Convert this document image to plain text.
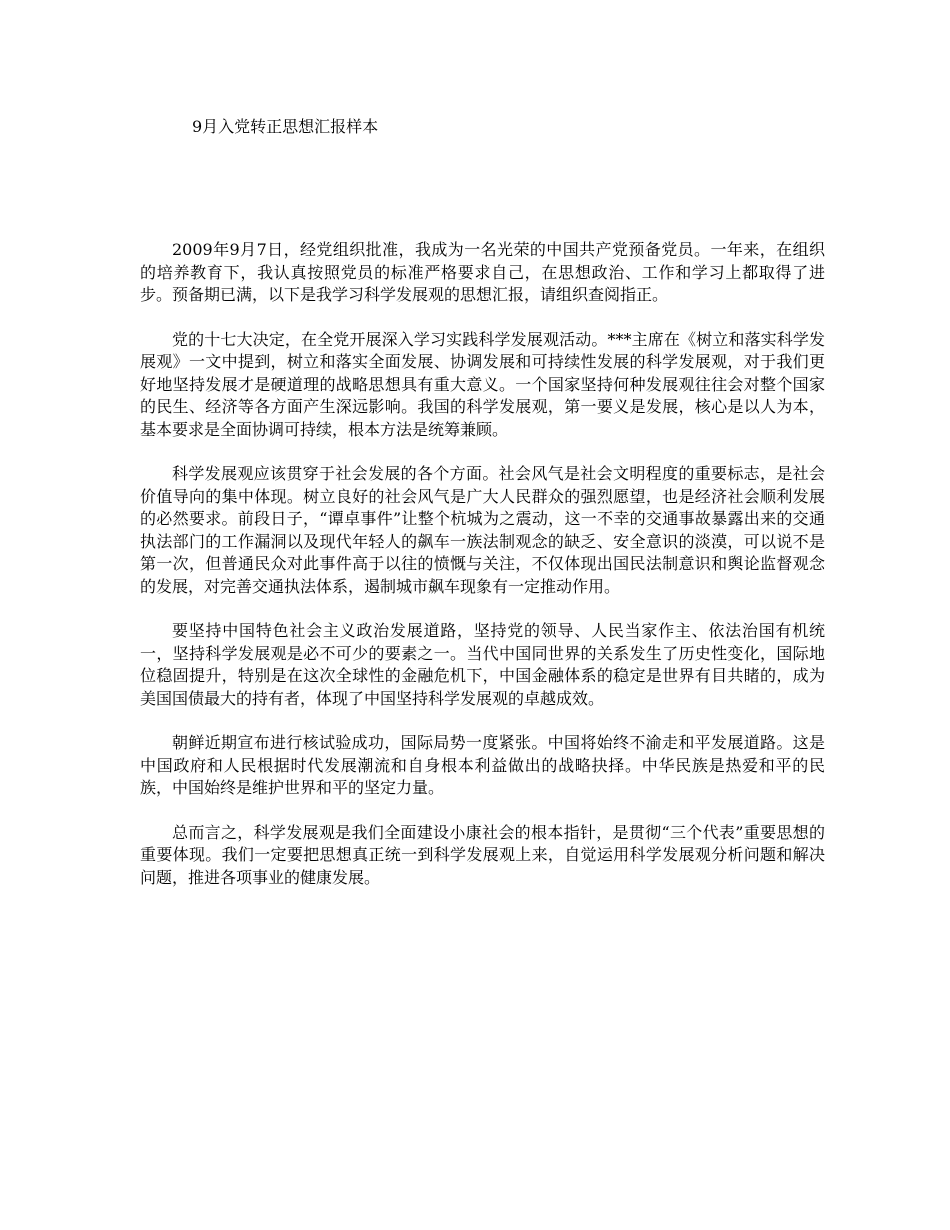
9月入党转正思想汇报样本

2009年9月7日，经党组织批准，我成为一名光荣的中国共产党预备党员。一年来，在组织的培养教育下，我认真按照党员的标准严格要求自己，在思想政治、工作和学习上都取得了进步。预备期已满，以下是我学习科学发展观的思想汇报，请组织查阅指正。

党的十七大决定，在全党开展深入学习实践科学发展观活动。***主席在《树立和落实科学发展观》一文中提到，树立和落实全面发展、协调发展和可持续性发展的科学发展观，对于我们更好地坚持发展才是硬道理的战略思想具有重大意义。一个国家坚持何种发展观往往会对整个国家的民生、经济等各方面产生深远影响。我国的科学发展观，第一要义是发展，核心是以人为本，基本要求是全面协调可持续，根本方法是统筹兼顾。

科学发展观应该贯穿于社会发展的各个方面。社会风气是社会文明程度的重要标志，是社会价值导向的集中体现。树立良好的社会风气是广大人民群众的强烈愿望，也是经济社会顺利发展的必然要求。前段日子，“谭卓事件”让整个杭城为之震动，这一不幸的交通事故暴露出来的交通执法部门的工作漏洞以及现代年轻人的飙车一族法制观念的缺乏、安全意识的淡漠，可以说不是第一次，但普通民众对此事件高于以往的愤慨与关注，不仅体现出国民法制意识和舆论监督观念的发展，对完善交通执法体系，遏制城市飙车现象有一定推动作用。

要坚持中国特色社会主义政治发展道路，坚持党的领导、人民当家作主、依法治国有机统一，坚持科学发展观是必不可少的要素之一。当代中国同世界的关系发生了历史性变化，国际地位稳固提升，特别是在这次全球性的金融危机下，中国金融体系的稳定是世界有目共睹的，成为美国国债最大的持有者，体现了中国坚持科学发展观的卓越成效。

朝鲜近期宣布进行核试验成功，国际局势一度紧张。中国将始终不渝走和平发展道路。这是中国政府和人民根据时代发展潮流和自身根本利益做出的战略抉择。中华民族是热爱和平的民族，中国始终是维护世界和平的坚定力量。

总而言之，科学发展观是我们全面建设小康社会的根本指针，是贯彻“三个代表”重要思想的重要体现。我们一定要把思想真正统一到科学发展观上来，自觉运用科学发展观分析问题和解决问题，推进各项事业的健康发展。
